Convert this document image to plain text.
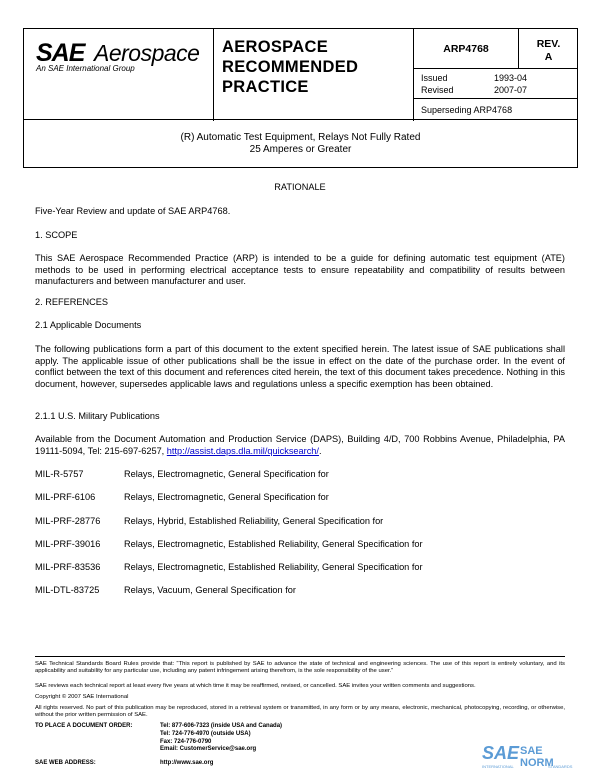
SAE Aerospace
An SAE International Group
AEROSPACE
RECOMMENDED
PRACTICE
ARP4768	REV.
A
Issued	1993-04
Revised	2007-07
Superseding ARP4768
(R) Automatic Test Equipment, Relays Not Fully Rated
25 Amperes or Greater
RATIONALE
Five-Year Review and update of SAE ARP4768.
1. SCOPE
This SAE Aerospace Recommended Practice (ARP) is intended to be a guide for defining automatic test equipment (ATE) methods to be used in performing electrical acceptance tests to ensure repeatability and compatibility of results between manufacturers and between manufacturer and user.
2. REFERENCES
2.1 Applicable Documents
The following publications form a part of this document to the extent specified herein. The latest issue of SAE publications shall apply. The applicable issue of other publications shall be the issue in effect on the date of the purchase order. In the event of conflict between the text of this document and references cited herein, the text of this document takes precedence. Nothing in this document, however, supersedes applicable laws and regulations unless a specific exemption has been obtained.
2.1.1 U.S. Military Publications
Available from the Document Automation and Production Service (DAPS), Building 4/D, 700 Robbins Avenue, Philadelphia, PA 19111-5094, Tel: 215-697-6257, http://assist.daps.dla.mil/quicksearch/.
MIL-R-5757	Relays, Electromagnetic, General Specification for
MIL-PRF-6106	Relays, Electromagnetic, General Specification for
MIL-PRF-28776	Relays, Hybrid, Established Reliability, General Specification for
MIL-PRF-39016	Relays, Electromagnetic, Established Reliability, General Specification for
MIL-PRF-83536	Relays, Electromagnetic, Established Reliability, General Specification for
MIL-DTL-83725	Relays, Vacuum, General Specification for
SAE Technical Standards Board Rules provide that: “This report is published by SAE to advance the state of technical and engineering sciences. The use of this report is entirely voluntary, and its applicability and suitability for any particular use, including any patent infringement arising therefrom, is the sole responsibility of the user.”
SAE reviews each technical report at least every five years at which time it may be reaffirmed, revised, or cancelled. SAE invites your written comments and suggestions.
Copyright © 2007 SAE International
All rights reserved. No part of this publication may be reproduced, stored in a retrieval system or transmitted, in any form or by any means, electronic, mechanical, photocopying, recording, or otherwise, without the prior written permission of SAE.
TO PLACE A DOCUMENT ORDER:	Tel: 877-606-7323 (inside USA and Canada)
Tel: 724-776-4970 (outside USA)
Fax: 724-776-0790
Email: CustomerService@sae.org
SAE WEB ADDRESS:	http://www.sae.org	SAE SAE NORM
INTERNATIONAL	STANDARDS
